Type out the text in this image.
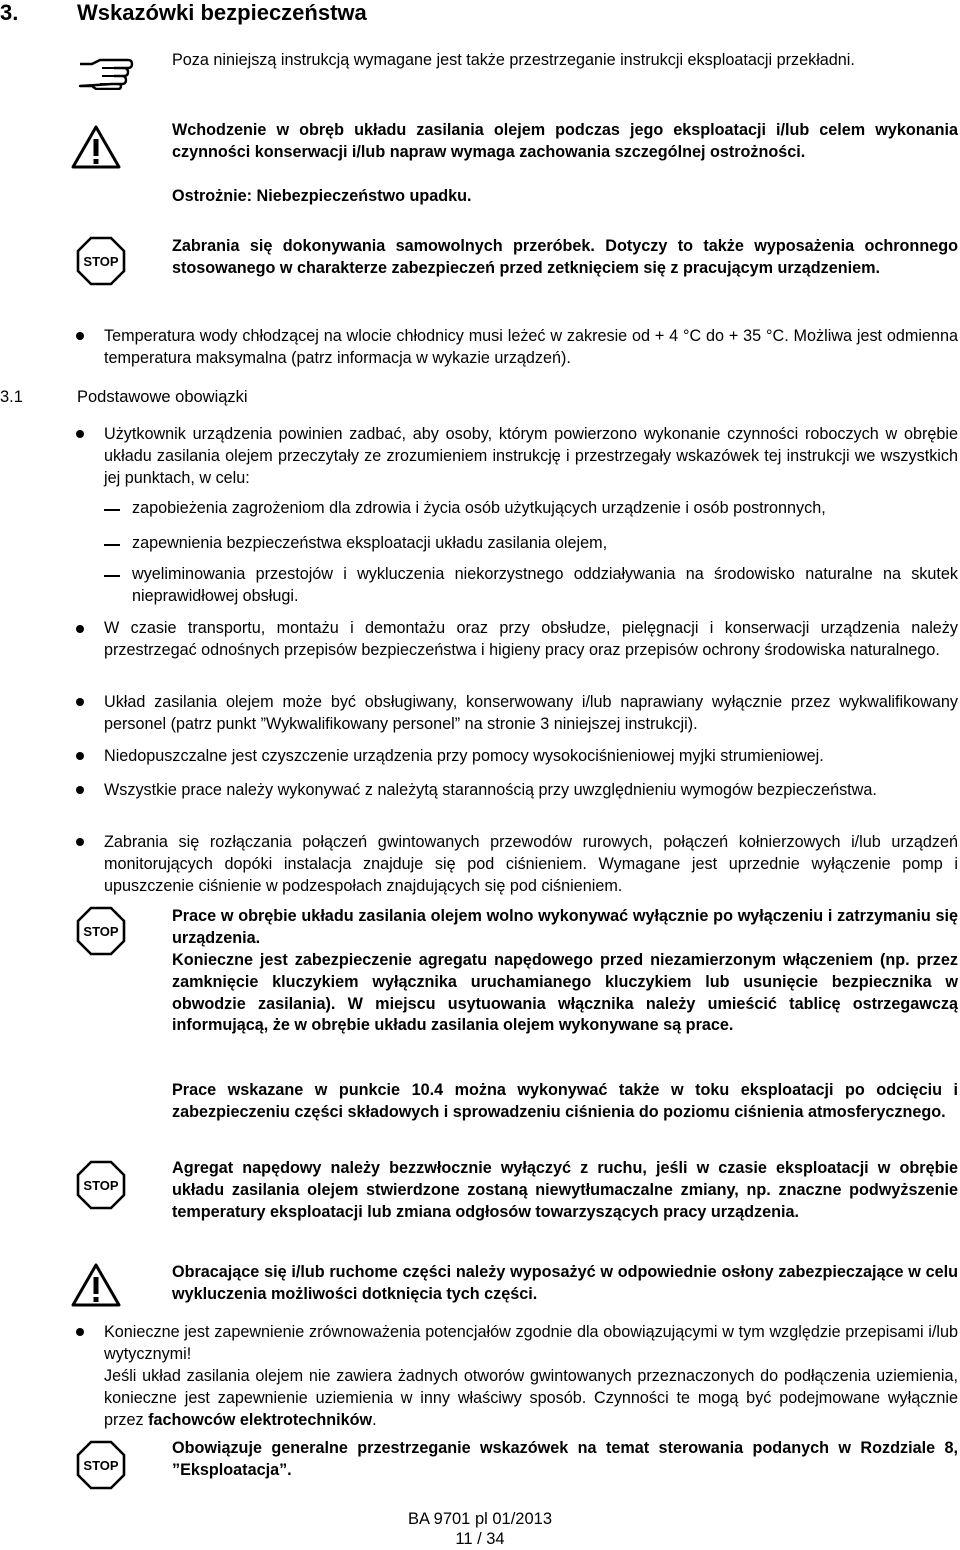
3.	Wskazówki bezpieczeństwa
Poza niniejszą instrukcją wymagane jest także przestrzeganie instrukcji eksploatacji przekładni.
Wchodzenie w obręb układu zasilania olejem podczas jego eksploatacji i/lub celem wykonania czynności konserwacji i/lub napraw wymaga zachowania szczególnej ostrożności.
Ostrożnie: Niebezpieczeństwo upadku.
STOP
Zabrania się dokonywania samowolnych przeróbek. Dotyczy to także wyposażenia ochronnego stosowanego w charakterze zabezpieczeń przed zetknięciem się z pracującym urządzeniem.
Temperatura wody chłodzącej na wlocie chłodnicy musi leżeć w zakresie od + 4 °C do + 35 °C. Możliwa jest odmienna temperatura maksymalna (patrz informacja w wykazie urządzeń).
3.1	Podstawowe obowiązki
Użytkownik urządzenia powinien zadbać, aby osoby, którym powierzono wykonanie czynności roboczych w obrębie układu zasilania olejem przeczytały ze zrozumieniem instrukcję i przestrzegały wskazówek tej instrukcji we wszystkich jej punktach, w celu:
zapobieżenia zagrożeniom dla zdrowia i życia osób użytkujących urządzenie i osób postronnych,
zapewnienia bezpieczeństwa eksploatacji układu zasilania olejem,
wyeliminowania przestojów i wykluczenia niekorzystnego oddziaływania na środowisko naturalne na skutek nieprawidłowej obsługi.
W czasie transportu, montażu i demontażu oraz przy obsłudze, pielęgnacji i konserwacji urządzenia należy przestrzegać odnośnych przepisów bezpieczeństwa i higieny pracy oraz przepisów ochrony środowiska naturalnego.
Układ zasilania olejem może być obsługiwany, konserwowany i/lub naprawiany wyłącznie przez wykwalifikowany personel (patrz punkt ”Wykwalifikowany personel” na stronie 3 niniejszej instrukcji).
Niedopuszczalne jest czyszczenie urządzenia przy pomocy wysokociśnieniowej myjki strumieniowej.
Wszystkie prace należy wykonywać z należytą starannością przy uwzględnieniu wymogów bezpieczeństwa.
Zabrania się rozłączania połączeń gwintowanych przewodów rurowych, połączeń kołnierzowych i/lub urządzeń monitorujących dopóki instalacja znajduje się pod ciśnieniem. Wymagane jest uprzednie wyłączenie pomp i upuszczenie ciśnienie w podzespołach znajdujących się pod ciśnieniem.
STOP
Prace w obrębie układu zasilania olejem wolno wykonywać wyłącznie po wyłączeniu i zatrzymaniu się urządzenia.
Konieczne jest zabezpieczenie agregatu napędowego przed niezamierzonym włączeniem (np. przez zamknięcie kluczykiem wyłącznika uruchamianego kluczykiem lub usunięcie bezpiecznika w obwodzie zasilania). W miejscu usytuowania włącznika należy umieścić tablicę ostrzegawczą informującą, że w obrębie układu zasilania olejem wykonywane są prace.
Prace wskazane w punkcie 10.4 można wykonywać także w toku eksploatacji po odcięciu i zabezpieczeniu części składowych i sprowadzeniu ciśnienia do poziomu ciśnienia atmosferycznego.
STOP
Agregat napędowy należy bezzwłocznie wyłączyć z ruchu, jeśli w czasie eksploatacji w obrębie układu zasilania olejem stwierdzone zostaną niewytłumaczalne zmiany, np. znaczne podwyższenie temperatury eksploatacji lub zmiana odgłosów towarzyszących pracy urządzenia.
Obracające się i/lub ruchome części należy wyposażyć w odpowiednie osłony zabezpieczające w celu wykluczenia możliwości dotknięcia tych części.
Konieczne jest zapewnienie zrównoważenia potencjałów zgodnie dla obowiązującymi w tym względzie przepisami i/lub wytycznymi!
Jeśli układ zasilania olejem nie zawiera żadnych otworów gwintowanych przeznaczonych do podłączenia uziemienia, konieczne jest zapewnienie uziemienia w inny właściwy sposób. Czynności te mogą być podejmowane wyłącznie przez fachowców elektrotechników.
STOP
Obowiązuje generalne przestrzeganie wskazówek na temat sterowania podanych w Rozdziale 8, ”Eksploatacja”.
BA 9701 pl 01/2013
11 / 34
